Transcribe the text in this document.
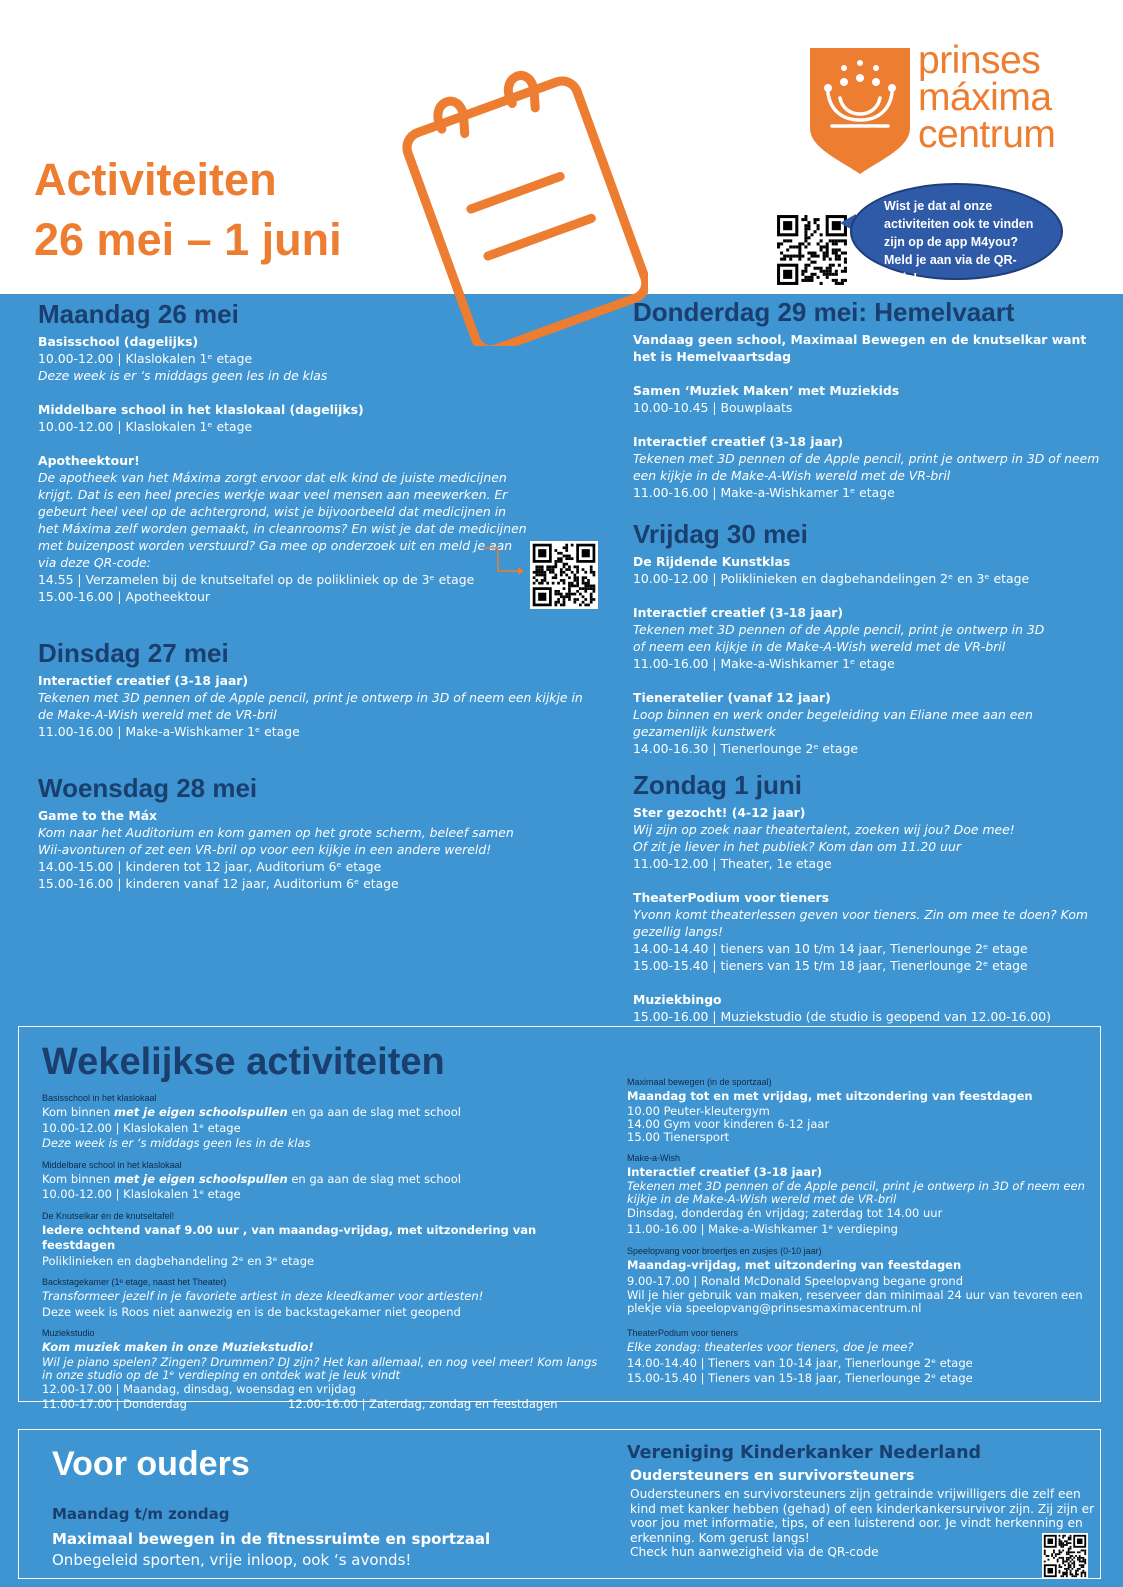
Activiteiten
26 mei – 1 juni
prinses
máxima
centrum
Wist je dat al onze activiteiten ook te vinden zijn op de app M4you? Meld je aan via de QR-code!
Maandag 26 mei
Basisschool (dagelijks)
10.00-12.00 | Klaslokalen 1ᵉ etage
Deze week is er ‘s middags geen les in de klas
Middelbare school in het klaslokaal (dagelijks)
10.00-12.00 | Klaslokalen 1ᵉ etage
Apotheektour!
De apotheek van het Máxima zorgt ervoor dat elk kind de juiste medicijnen krijgt. Dat is een heel precies werkje waar veel mensen aan meewerken. Er gebeurt heel veel op de achtergrond, wist je bijvoorbeeld dat medicijnen in het Máxima zelf worden gemaakt, in cleanrooms? En wist je dat de medicijnen met buizenpost worden verstuurd? Ga mee op onderzoek uit en meld je aan via deze QR-code:
14.55 | Verzamelen bij de knutseltafel op de polikliniek op de 3ᵉ etage
15.00-16.00 | Apotheektour
Dinsdag 27 mei
Interactief creatief (3-18 jaar)
Tekenen met 3D pennen of de Apple pencil, print je ontwerp in 3D of neem een kijkje in de Make-A-Wish wereld met de VR-bril
11.00-16.00 | Make-a-Wishkamer 1ᵉ etage
Woensdag 28 mei
Game to the Máx
Kom naar het Auditorium en kom gamen op het grote scherm, beleef samen Wii-avonturen of zet een VR-bril op voor een kijkje in een andere wereld!
14.00-15.00 | kinderen tot 12 jaar, Auditorium 6ᵉ etage
15.00-16.00 | kinderen vanaf 12 jaar, Auditorium 6ᵉ etage
Donderdag 29 mei: Hemelvaart
Vandaag geen school, Maximaal Bewegen en de knutselkar want het is Hemelvaartsdag
Samen ‘Muziek Maken’ met Muziekids
10.00-10.45 | Bouwplaats
Interactief creatief (3-18 jaar)
Tekenen met 3D pennen of de Apple pencil, print je ontwerp in 3D of neem een kijkje in de Make-A-Wish wereld met de VR-bril
11.00-16.00 | Make-a-Wishkamer 1ᵉ etage
Vrijdag 30 mei
De Rijdende Kunstklas
10.00-12.00 | Poliklinieken en dagbehandelingen 2ᵉ en 3ᵉ etage
Interactief creatief (3-18 jaar)
Tekenen met 3D pennen of de Apple pencil, print je ontwerp in 3D
of neem een kijkje in de Make-A-Wish wereld met de VR-bril
11.00-16.00 | Make-a-Wishkamer 1ᵉ etage
Tieneratelier (vanaf 12 jaar)
Loop binnen en werk onder begeleiding van Eliane mee aan een gezamenlijk kunstwerk
14.00-16.30 | Tienerlounge 2ᵉ etage
Zondag 1 juni
Ster gezocht! (4-12 jaar)
Wij zijn op zoek naar theatertalent, zoeken wij jou? Doe mee!
Of zit je liever in het publiek? Kom dan om 11.20 uur
11.00-12.00 | Theater, 1e etage
TheaterPodium voor tieners
Yvonn komt theaterlessen geven voor tieners. Zin om mee te doen? Kom gezellig langs!
14.00-14.40 | tieners van 10 t/m 14 jaar, Tienerlounge 2ᵉ etage
15.00-15.40 | tieners van 15 t/m 18 jaar, Tienerlounge 2ᵉ etage
Muziekbingo
15.00-16.00 | Muziekstudio (de studio is geopend van 12.00-16.00)
Wekelijkse activiteiten
Basisschool in het klaslokaal
Kom binnen met je eigen schoolspullen en ga aan de slag met school
10.00-12.00 | Klaslokalen 1ᵉ etage
Deze week is er ‘s middags geen les in de klas
Middelbare school in het klaslokaal
Kom binnen met je eigen schoolspullen en ga aan de slag met school
10.00-12.00 | Klaslokalen 1ᵉ etage
De Knutselkar én de knutseltafel!
Iedere ochtend vanaf 9.00 uur , van maandag-vrijdag, met uitzondering van feestdagen
Poliklinieken en dagbehandeling 2ᵉ en 3ᵉ etage
Backstagekamer (1ᵉ etage, naast het Theater)
Transformeer jezelf in je favoriete artiest in deze kleedkamer voor artiesten!
Deze week is Roos niet aanwezig en is de backstagekamer niet geopend
Muziekstudio
Kom muziek maken in onze Muziekstudio!
Wil je piano spelen? Zingen? Drummen? DJ zijn? Het kan allemaal, en nog veel meer! Kom langs in onze studio op de 1ᵉ verdieping en ontdek wat je leuk vindt
12.00-17.00 | Maandag, dinsdag, woensdag en vrijdag
11.00-17.00 | Donderdag	12.00-16.00 | Zaterdag, zondag en feestdagen
Maximaal bewegen (in de sportzaal)
Maandag tot en met vrijdag, met uitzondering van feestdagen
10.00 Peuter-kleutergym
14.00 Gym voor kinderen 6-12 jaar
15.00 Tienersport
Make-a-Wish
Interactief creatief (3-18 jaar)
Tekenen met 3D pennen of de Apple pencil, print je ontwerp in 3D of neem een kijkje in de Make-A-Wish wereld met de VR-bril
Dinsdag, donderdag én vrijdag; zaterdag tot 14.00 uur
11.00-16.00 | Make-a-Wishkamer 1ᵉ verdieping
Speelopvang voor broertjes en zusjes (0-10 jaar)
Maandag-vrijdag, met uitzondering van feestdagen
9.00-17.00 | Ronald McDonald Speelopvang begane grond
Wil je hier gebruik van maken, reserveer dan minimaal 24 uur van tevoren een plekje via speelopvang@prinsesmaximacentrum.nl
TheaterPodium voor tieners
Elke zondag: theaterles voor tieners, doe je mee?
14.00-14.40 | Tieners van 10-14 jaar, Tienerlounge 2ᵉ etage
15.00-15.40 | Tieners van 15-18 jaar, Tienerlounge 2ᵉ etage
Voor ouders
Maandag t/m zondag
Maximaal bewegen in de fitnessruimte en sportzaal
Onbegeleid sporten, vrije inloop, ook ‘s avonds!
Vereniging Kinderkanker Nederland
Oudersteuners en survivorsteuners
Oudersteuners en survivorsteuners zijn getrainde vrijwilligers die zelf een kind met kanker hebben (gehad) of een kinderkankersurvivor zijn. Zij zijn er voor jou met informatie, tips, of een luisterend oor. Je vindt herkenning en erkenning. Kom gerust langs!
Check hun aanwezigheid via de QR-code
